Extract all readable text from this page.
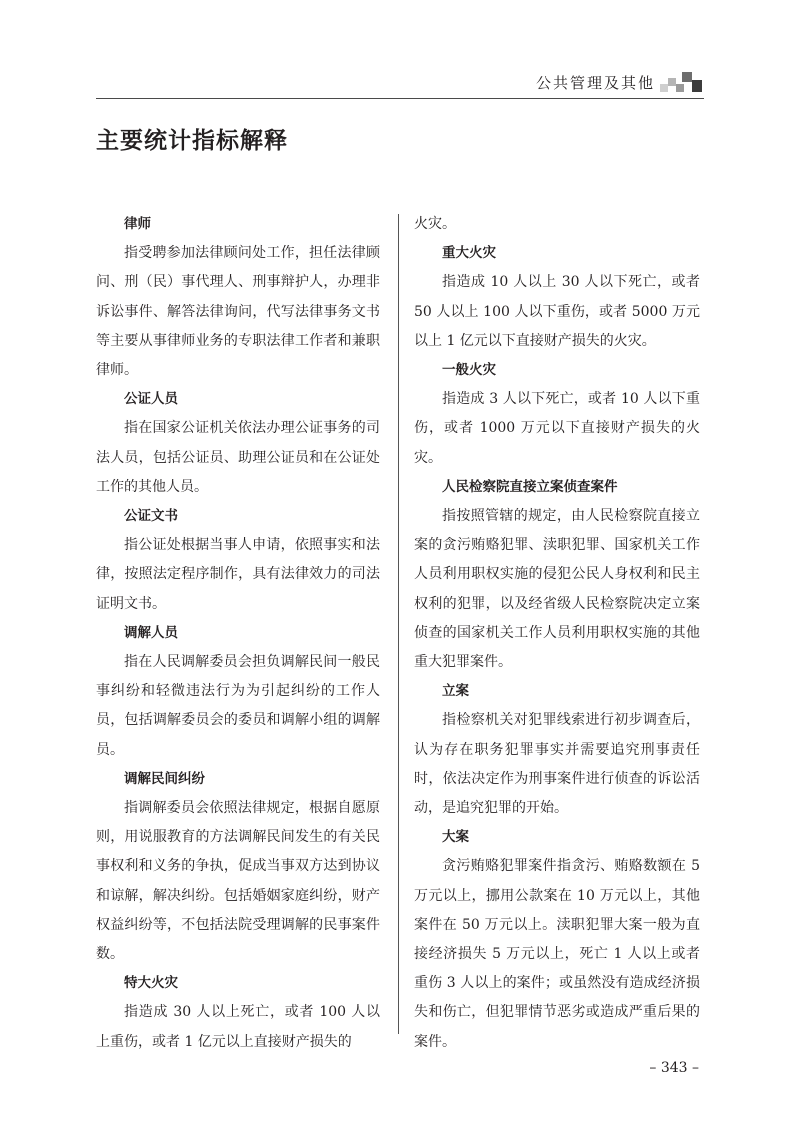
公共管理及其他
主要统计指标解释

律师

指受聘参加法律顾问处工作，担任法律顾问、刑（民）事代理人、刑事辩护人，办理非诉讼事件、解答法律询问，代写法律事务文书等主要从事律师业务的专职法律工作者和兼职律师。

公证人员

指在国家公证机关依法办理公证事务的司法人员，包括公证员、助理公证员和在公证处工作的其他人员。

公证文书

指公证处根据当事人申请，依照事实和法律，按照法定程序制作，具有法律效力的司法证明文书。

调解人员

指在人民调解委员会担负调解民间一般民事纠纷和轻微违法行为为引起纠纷的工作人员，包括调解委员会的委员和调解小组的调解员。

调解民间纠纷

指调解委员会依照法律规定，根据自愿原则，用说服教育的方法调解民间发生的有关民事权利和义务的争执，促成当事双方达到协议和谅解，解决纠纷。包括婚姻家庭纠纷，财产权益纠纷等，不包括法院受理调解的民事案件数。

特大火灾

指造成 30 人以上死亡，或者 100 人以上重伤，或者 1 亿元以上直接财产损失的

火灾。

重大火灾

指造成 10 人以上 30 人以下死亡，或者 50 人以上 100 人以下重伤，或者 5000 万元以上 1 亿元以下直接财产损失的火灾。

一般火灾

指造成 3 人以下死亡，或者 10 人以下重伤，或者 1000 万元以下直接财产损失的火灾。

人民检察院直接立案侦查案件

指按照管辖的规定，由人民检察院直接立案的贪污贿赂犯罪、渎职犯罪、国家机关工作人员利用职权实施的侵犯公民人身权利和民主权利的犯罪，以及经省级人民检察院决定立案侦查的国家机关工作人员利用职权实施的其他重大犯罪案件。

立案

指检察机关对犯罪线索进行初步调查后，认为存在职务犯罪事实并需要追究刑事责任时，依法决定作为刑事案件进行侦查的诉讼活动，是追究犯罪的开始。

大案

贪污贿赂犯罪案件指贪污、贿赂数额在 5 万元以上，挪用公款案在 10 万元以上，其他案件在 50 万元以上。渎职犯罪大案一般为直接经济损失 5 万元以上，死亡 1 人以上或者重伤 3 人以上的案件；或虽然没有造成经济损失和伤亡，但犯罪情节恶劣或造成严重后果的案件。

– 343 –
